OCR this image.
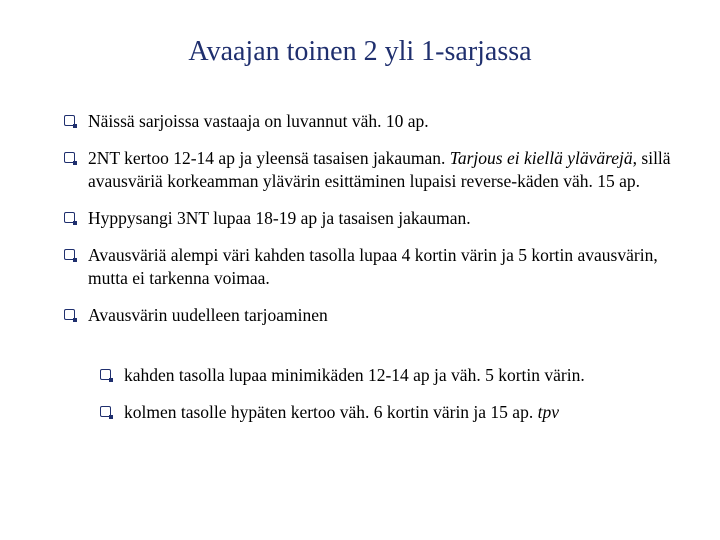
Avaajan toinen 2 yli 1-sarjassa
Näissä sarjoissa vastaaja on luvannut väh. 10 ap.
2NT kertoo 12-14 ap ja yleensä tasaisen jakauman. Tarjous ei kiellä ylävärejä, sillä avausväriä korkeamman ylävärin esittäminen lupaisi reverse-käden väh. 15 ap.
Hyppysangi 3NT lupaa 18-19 ap ja tasaisen jakauman.
Avausväriä alempi väri kahden tasolla lupaa 4 kortin värin ja 5 kortin avausvärin, mutta ei tarkenna voimaa.
Avausvärin uudelleen tarjoaminen
kahden tasolla lupaa minimikäden 12-14 ap ja väh. 5 kortin värin.
kolmen tasolle hypäten kertoo väh. 6 kortin värin ja 15 ap. tpv
